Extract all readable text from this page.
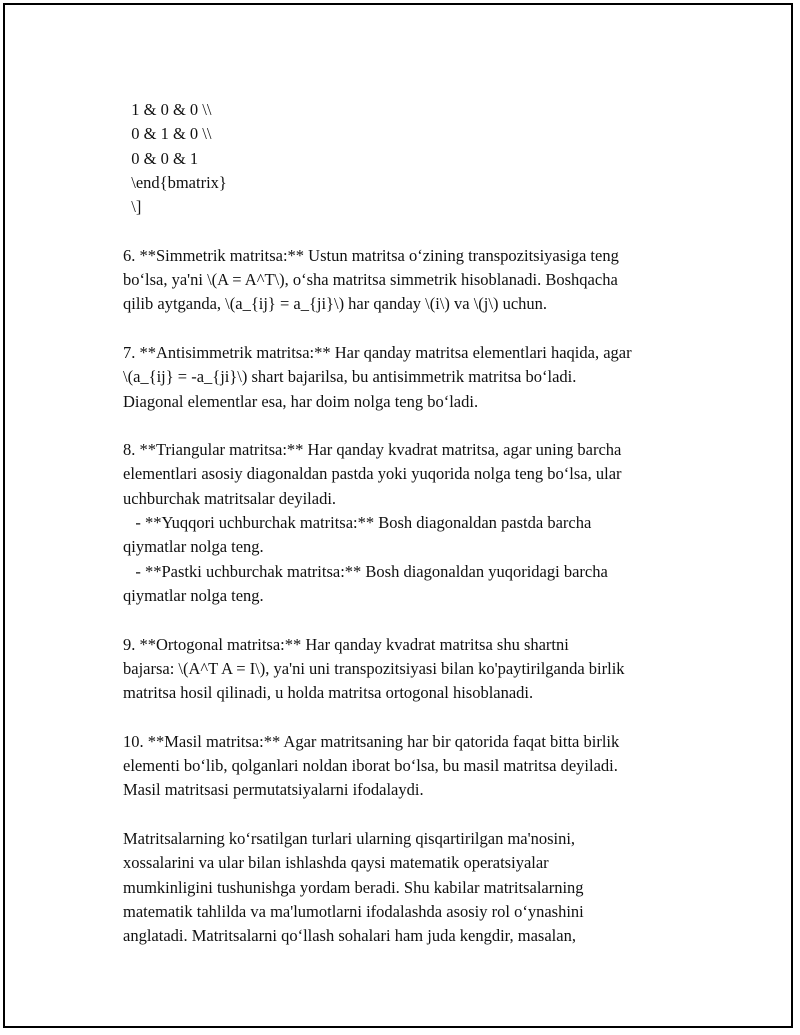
1 & 0 & 0 \\
0 & 1 & 0 \\
0 & 0 & 1
\end{bmatrix}
\]
6. **Simmetrik matritsa:** Ustun matritsa o‘zining transpozitsiyasiga teng
bo‘lsa, ya'ni \(A = A^T\), o‘sha matritsa simmetrik hisoblanadi. Boshqacha
qilib aytganda, \(a_{ij} = a_{ji}\) har qanday \(i\) va \(j\) uchun.
7. **Antisimmetrik matritsa:** Har qanday matritsa elementlari haqida, agar
\(a_{ij} = -a_{ji}\) shart bajarilsa, bu antisimmetrik matritsa bo‘ladi.
Diagonal elementlar esa, har doim nolga teng bo‘ladi.
8. **Triangular matritsa:** Har qanday kvadrat matritsa, agar uning barcha
elementlari asosiy diagonaldan pastda yoki yuqorida nolga teng bo‘lsa, ular
uchburchak matritsalar deyiladi.
- **Yuqqori uchburchak matritsa:** Bosh diagonaldan pastda barcha
qiymatlar nolga teng.
- **Pastki uchburchak matritsa:** Bosh diagonaldan yuqoridagi barcha
qiymatlar nolga teng.
9. **Ortogonal matritsa:** Har qanday kvadrat matritsa shu shartni
bajarsa: \(A^T A = I\), ya'ni uni transpozitsiyasi bilan ko'paytirilganda birlik
matritsa hosil qilinadi, u holda matritsa ortogonal hisoblanadi.
10. **Masil matritsa:** Agar matritsaning har bir qatorida faqat bitta birlik
elementi bo‘lib, qolganlari noldan iborat bo‘lsa, bu masil matritsa deyiladi.
Masil matritsasi permutatsiyalarni ifodalaydi.
Matritsalarning ko‘rsatilgan turlari ularning qisqartirilgan ma'nosini,
xossalarini va ular bilan ishlashda qaysi matematik operatsiyalar
mumkinligini tushunishga yordam beradi. Shu kabilar matritsalarning
matematik tahlilda va ma'lumotlarni ifodalashda asosiy rol o‘ynashini
anglatadi. Matritsalarni qo‘llash sohalari ham juda kengdir, masalan,
